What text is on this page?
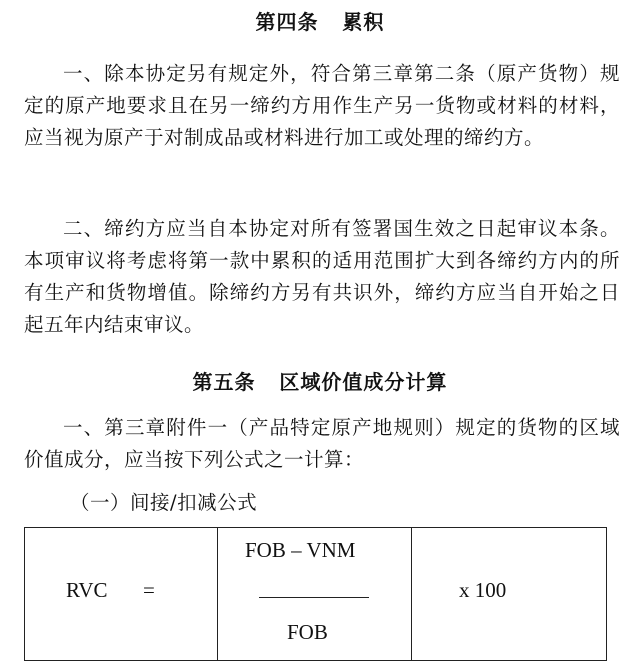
第四条   累积
一、除本协定另有规定外，符合第三章第二条（原产货物）规定的原产地要求且在另一缔约方用作生产另一货物或材料的材料，应当视为原产于对制成品或材料进行加工或处理的缔约方。
二、缔约方应当自本协定对所有签署国生效之日起审议本条。本项审议将考虑将第一款中累积的适用范围扩大到各缔约方内的所有生产和货物增值。除缔约方另有共识外，缔约方应当自开始之日起五年内结束审议。
第五条   区域价值成分计算
一、第三章附件一（产品特定原产地规则）规定的货物的区域价值成分，应当按下列公式之一计算：
（一）间接/扣减公式
RVC =
FOB – VNM
FOB
x 100
